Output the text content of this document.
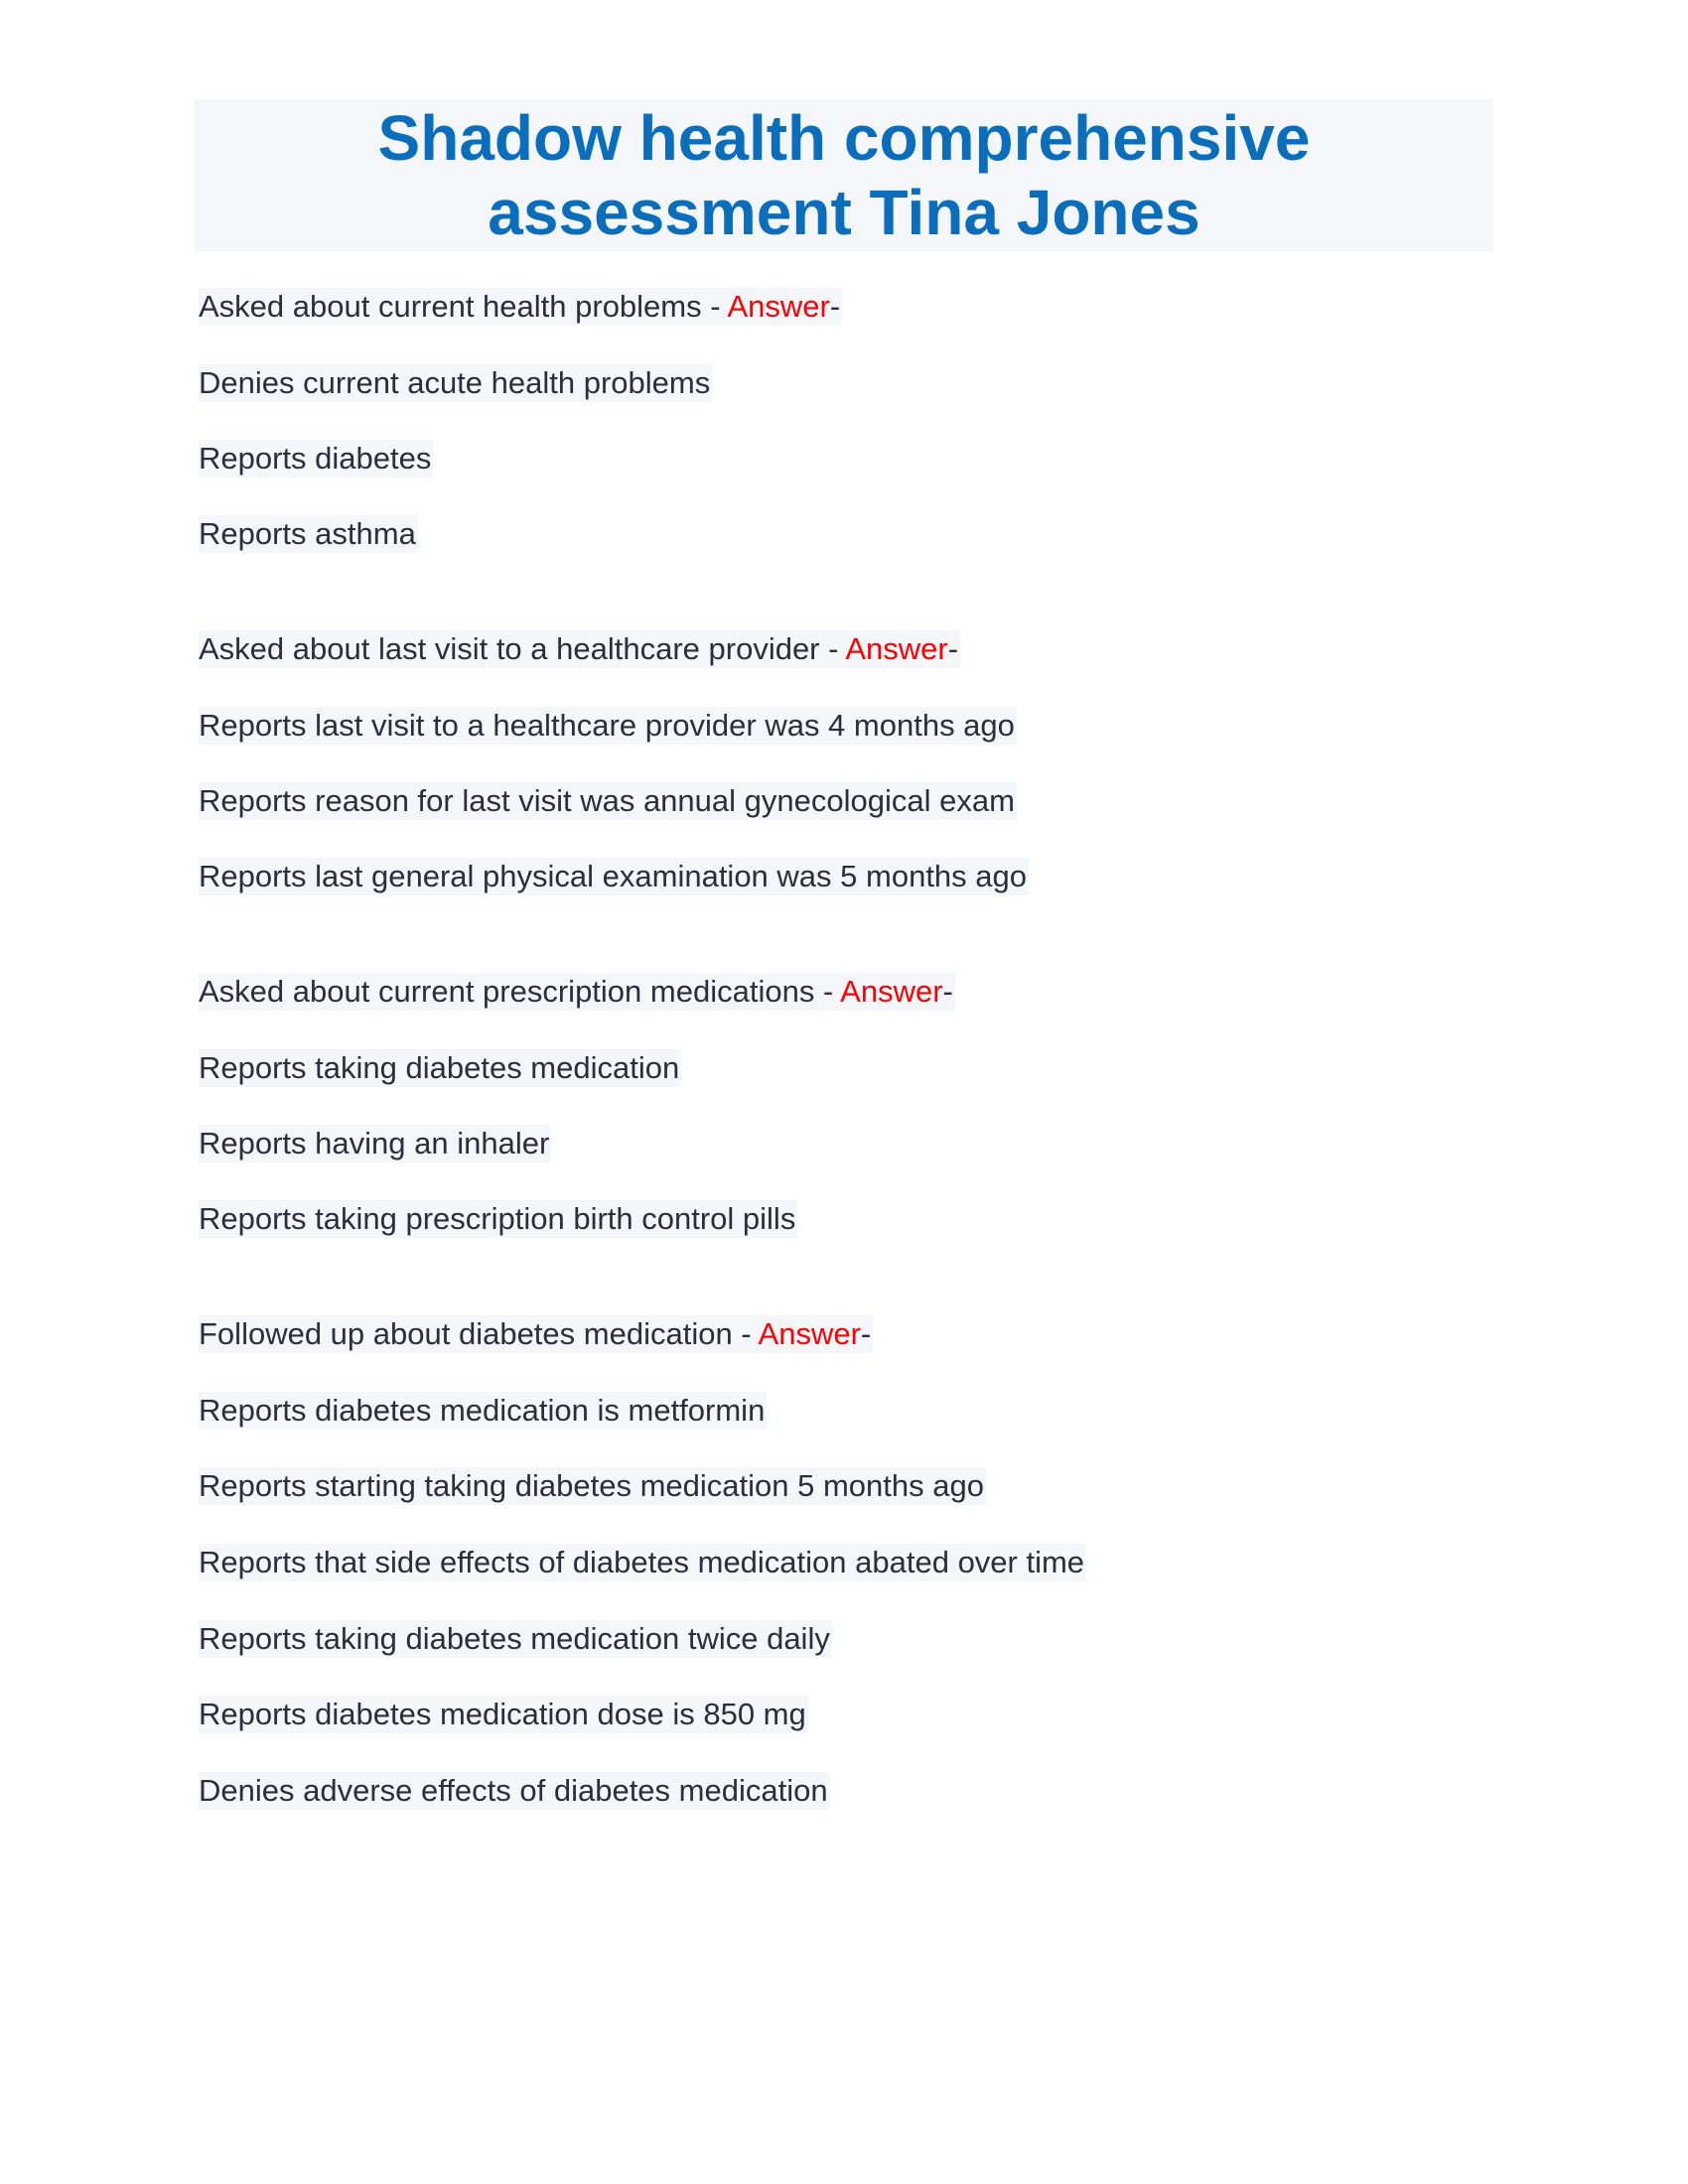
Shadow health comprehensive
assessment Tina Jones
Asked about current health problems - Answer-
Denies current acute health problems
Reports diabetes
Reports asthma
Asked about last visit to a healthcare provider - Answer-
Reports last visit to a healthcare provider was 4 months ago
Reports reason for last visit was annual gynecological exam
Reports last general physical examination was 5 months ago
Asked about current prescription medications - Answer-
Reports taking diabetes medication
Reports having an inhaler
Reports taking prescription birth control pills
Followed up about diabetes medication - Answer-
Reports diabetes medication is metformin
Reports starting taking diabetes medication 5 months ago
Reports that side effects of diabetes medication abated over time
Reports taking diabetes medication twice daily
Reports diabetes medication dose is 850 mg
Denies adverse effects of diabetes medication
